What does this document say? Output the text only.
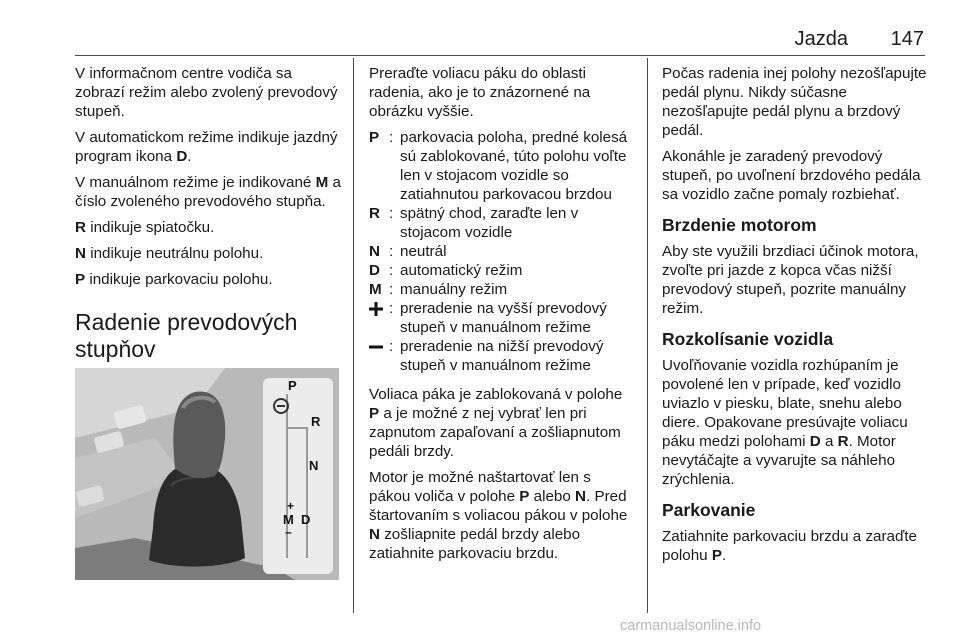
Jazda 147

V informačnom centre vodiča sa zobrazí režim alebo zvolený prevodový stupeň.

V automatickom režime indikuje jazdný program ikona D.

V manuálnom režime je indikované M a číslo zvoleného prevodového stupňa.

R indikuje spiatočku.

N indikuje neutrálnu polohu.

P indikuje parkovaciu polohu.

Radenie prevodových stupňov
P
R
N
+
M D
–

Preraďte voliacu páku do oblasti radenia, ako je to znázornené na obrázku vyššie.

P : parkovacia poloha, predné kolesá sú zablokované, túto polohu voľte len v stojacom vozidle so zatiahnutou parkovacou brzdou
R : spätný chod, zaraďte len v stojacom vozidle
N : neutrál
D : automatický režim
M : manuálny režim
: preradenie na vyšší prevodový stupeň v manuálnom režime
: preradenie na nižší prevodový stupeň v manuálnom režime

Voliaca páka je zablokovaná v polohe P a je možné z nej vybrať len pri zapnutom zapaľovaní a zošliapnutom pedáli brzdy.

Motor je možné naštartovať len s pákou voliča v polohe P alebo N. Pred štartovaním s voliacou pákou v polohe N zošliapnite pedál brzdy alebo zatiahnite parkovaciu brzdu.

Počas radenia inej polohy nezošľapujte pedál plynu. Nikdy súčasne nezošľapujte pedál plynu a brzdový pedál.

Akonáhle je zaradený prevodový stupeň, po uvoľnení brzdového pedála sa vozidlo začne pomaly rozbiehať.

Brzdenie motorom

Aby ste využili brzdiaci účinok motora, zvoľte pri jazde z kopca včas nižší prevodový stupeň, pozrite manuálny režim.

Rozkolísanie vozidla

Uvoľňovanie vozidla rozhúpaním je povolené len v prípade, keď vozidlo uviazlo v piesku, blate, snehu alebo diere. Opakovane presúvajte voliacu páku medzi polohami D a R. Motor nevytáčajte a vyvarujte sa náhleho zrýchlenia.

Parkovanie

Zatiahnite parkovaciu brzdu a zaraďte polohu P.

carmanualsonline.info
